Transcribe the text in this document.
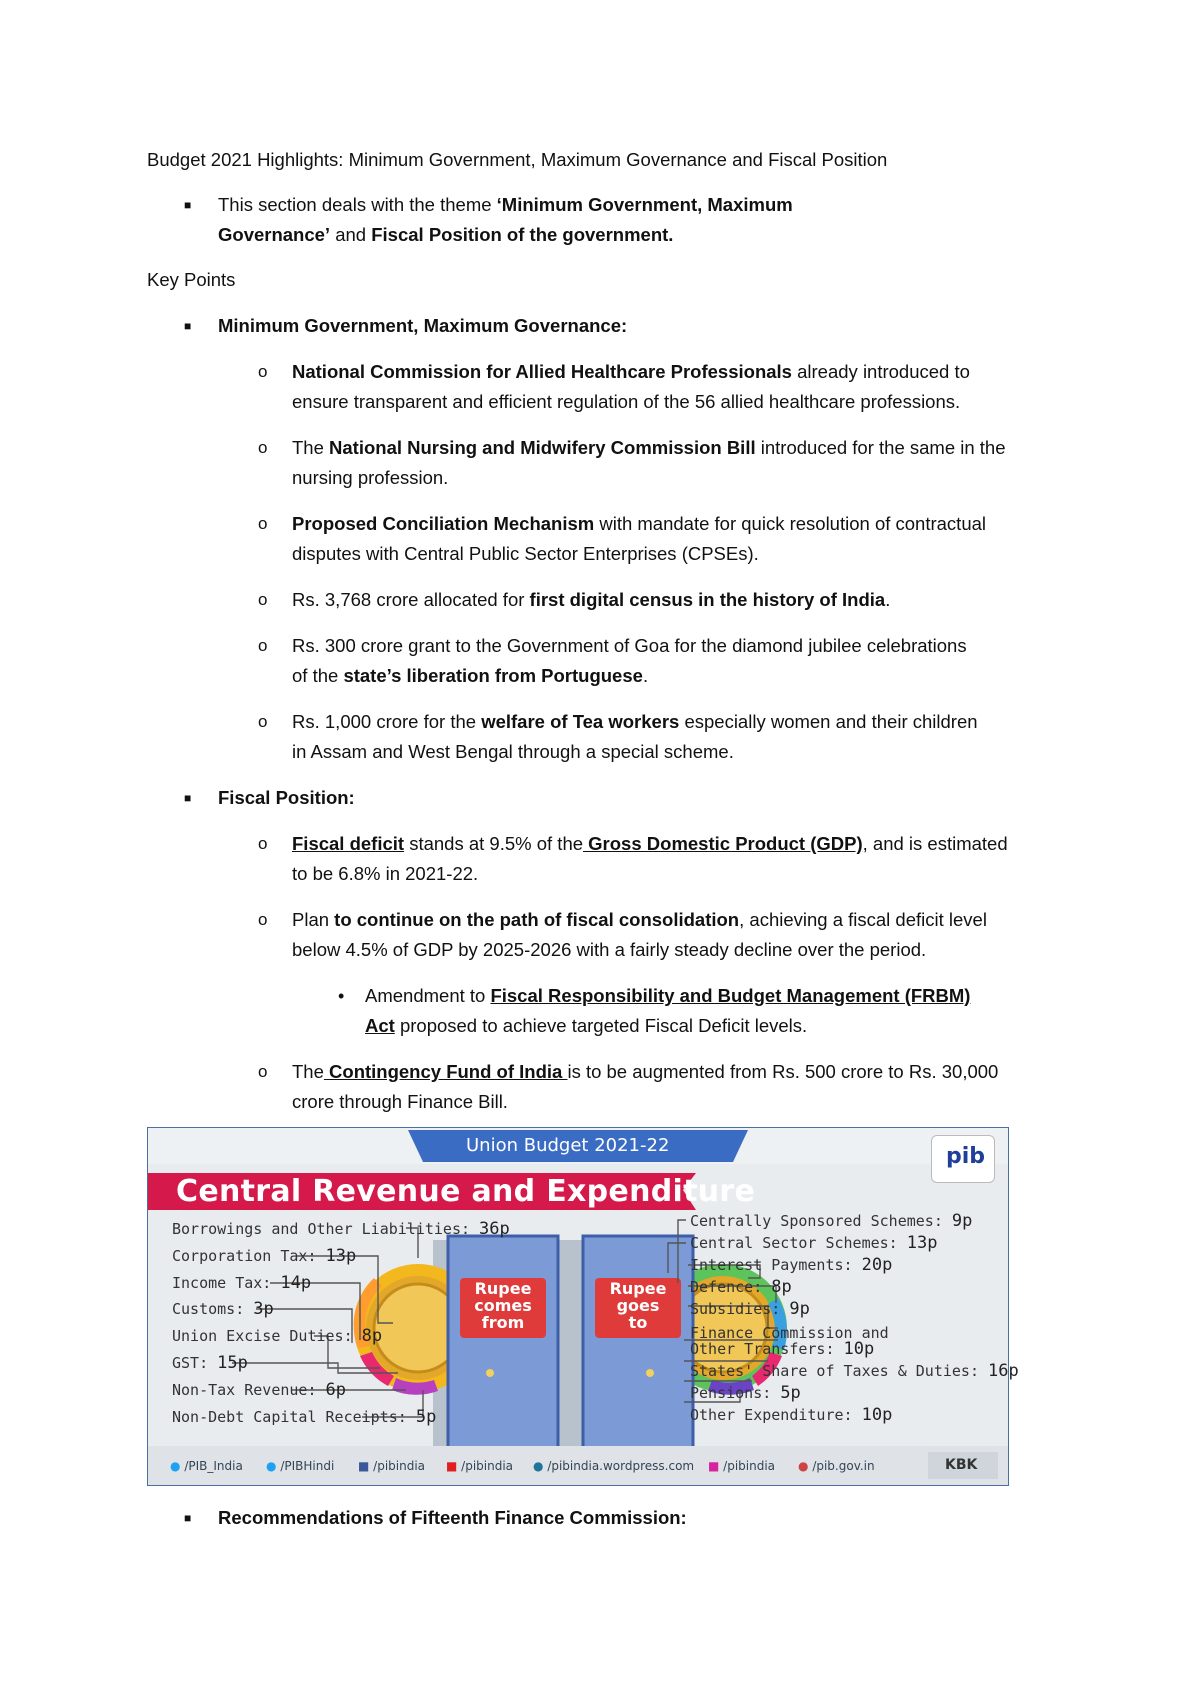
Budget 2021 Highlights: Minimum Government, Maximum Governance and Fiscal Position
■ This section deals with the theme ‘Minimum Government, Maximum
Governance’ and Fiscal Position of the government.
Key Points
■ Minimum Government, Maximum Governance:
o National Commission for Allied Healthcare Professionals already introduced to
ensure transparent and efficient regulation of the 56 allied healthcare professions.
o The National Nursing and Midwifery Commission Bill introduced for the same in the
nursing profession.
o Proposed Conciliation Mechanism with mandate for quick resolution of contractual
disputes with Central Public Sector Enterprises (CPSEs).
o Rs. 3,768 crore allocated for first digital census in the history of India.
o Rs. 300 crore grant to the Government of Goa for the diamond jubilee celebrations
of the state’s liberation from Portuguese.
o Rs. 1,000 crore for the welfare of Tea workers especially women and their children
in Assam and West Bengal through a special scheme.
■ Fiscal Position:
o Fiscal deficit stands at 9.5% of the Gross Domestic Product (GDP), and is estimated
to be 6.8% in 2021-22.
o Plan to continue on the path of fiscal consolidation, achieving a fiscal deficit level
below 4.5% of GDP by 2025-2026 with a fairly steady decline over the period.
• Amendment to Fiscal Responsibility and Budget Management (FRBM)
Act proposed to achieve targeted Fiscal Deficit levels.
o The Contingency Fund of India is to be augmented from Rs. 500 crore to Rs. 30,000
crore through Finance Bill.
Union Budget 2021-22
Central Revenue and Expenditure
pib
Rupee
comes
from
Rupee
goes
to
Borrowings and Other Liabilities: 36p
Corporation Tax: 13p
Income Tax: 14p
Customs: 3p
Union Excise Duties: 8p
GST: 15p
Non-Tax Revenue: 6p
Non-Debt Capital Receipts: 5p
Centrally Sponsored Schemes: 9p
Central Sector Schemes: 13p
Interest Payments: 20p
Defence: 8p
Subsidies: 9p
Finance Commission and
Other Transfers: 10p
States' Share of Taxes & Duties: 16p
Pensions: 5p
Other Expenditure: 10p
● /PIB_India ● /PIBHindi ■ /pibindia ■ /pibindia ● /pibindia.wordpress.com ■ /pibindia ● /pib.gov.in	KBK
■ Recommendations of Fifteenth Finance Commission:
